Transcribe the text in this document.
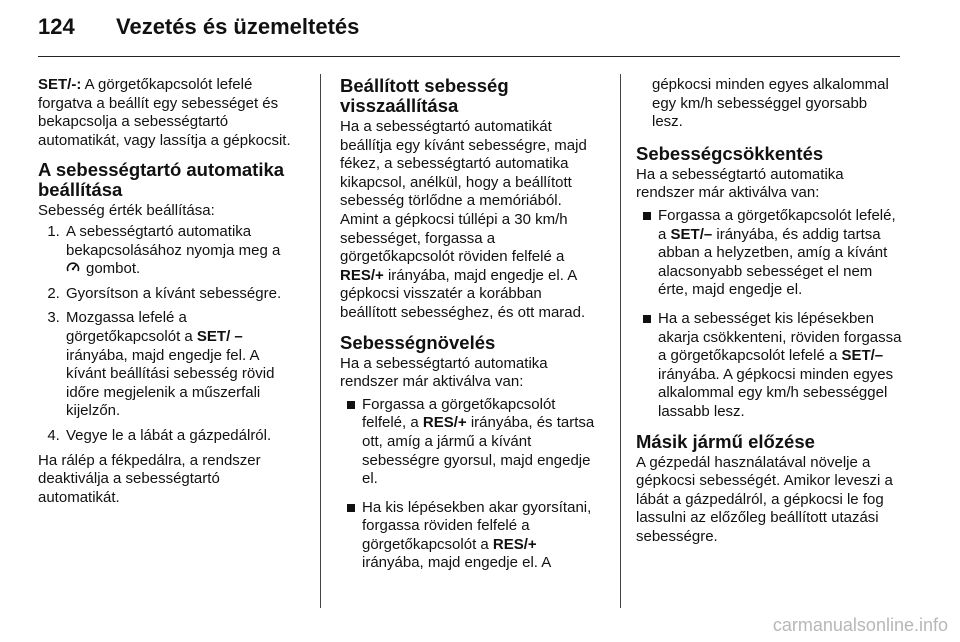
124 Vezetés és üzemeltetés

SET/-: A görgetőkapcsolót lefelé forgatva a beállít egy sebességet és bekapcsolja a sebességtartó automatikát, vagy lassítja a gépkocsit.

A sebességtartó automatika beállítása
Sebesség érték beállítása:
1. A sebességtartó automatika bekapcsolásához nyomja meg a
gombot.
2. Gyorsítson a kívánt sebességre.
3. Mozgassa lefelé a görgetőkapcsolót a SET/ –irányába, majd engedje fel. A kívánt beállítási sebesség rövid időre megjelenik a műszerfali kijelzőn.
4. Vegye le a lábát a gázpedálról.

Ha rálép a fékpedálra, a rendszer deaktiválja a sebességtartó automatikát.

Beállított sebesség visszaállítása

Ha a sebességtartó automatikát beállítja egy kívánt sebességre, majd fékez, a sebességtartó automatika kikapcsol, anélkül, hogy a beállított sebesség törlődne a memóriából. Amint a gépkocsi túllépi a 30 km/h sebességet, forgassa a görgetőkapcsolót röviden felfelé a RES/+ irányába, majd engedje el. A gépkocsi visszatér a korábban beállított sebességhez, és ott marad.

Sebességnövelés
Ha a sebességtartó automatika rendszer már aktiválva van:
Forgassa a görgetőkapcsolót felfelé, a RES/+ irányába, és tartsa ott, amíg a jármű a kívánt sebességre gyorsul, majd engedje el.
Ha kis lépésekben akar gyorsítani, forgassa röviden felfelé a görgetőkapcsolót a RES/+
irányába, majd engedje el. A
gépkocsi minden egyes alkalommal egy km/h sebességgel gyorsabb lesz.
Sebességcsökkentés
Ha a sebességtartó automatika rendszer már aktiválva van:
Forgassa a görgetőkapcsolót lefelé, a SET/– irányába, és addig tartsa abban a helyzetben, amíg a kívánt alacsonyabb sebességet el nem érte, majd engedje el.
Ha a sebességet kis lépésekben akarja csökkenteni, röviden forgassa a görgetőkapcsolót lefelé a SET/– irányába. A gépkocsi minden egyes alkalommal egy km/h sebességgel lassabb lesz.
Másik jármű előzése

A gézpedál használatával növelje a gépkocsi sebességét. Amikor leveszi a lábát a gázpedálról, a gépkocsi le fog lassulni az előzőleg beállított utazási sebességre.

carmanualsonline.info
